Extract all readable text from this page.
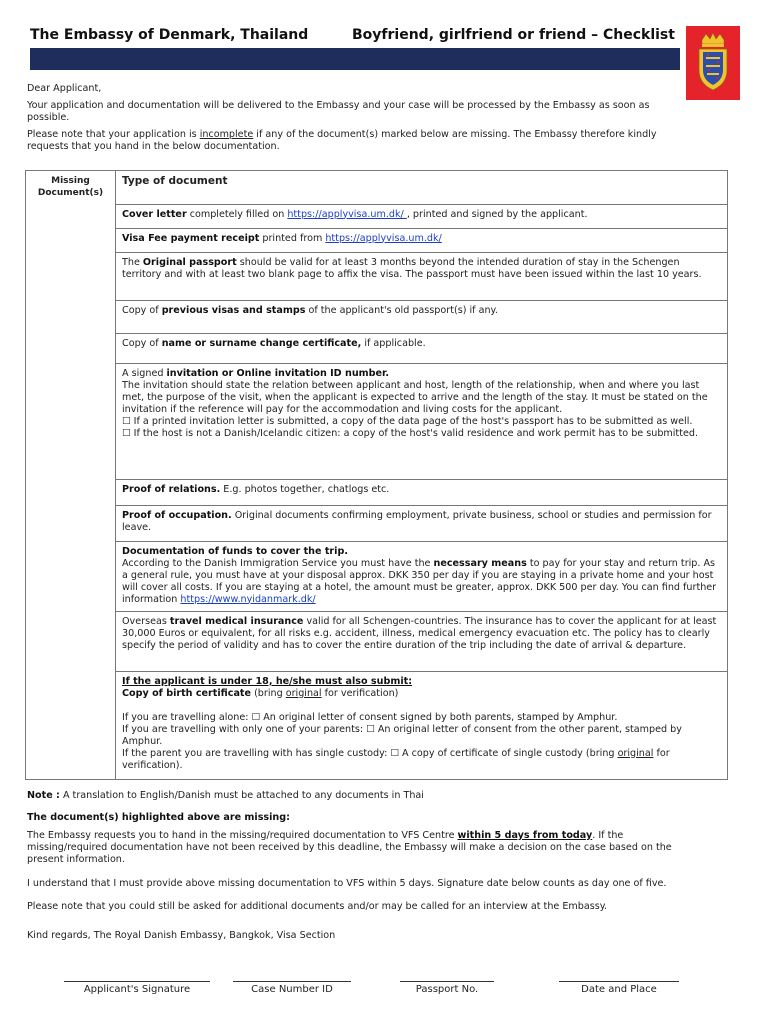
The Embassy of Denmark, Thailand	Boyfriend, girlfriend or friend – Checklist
Dear Applicant,
Your application and documentation will be delivered to the Embassy and your case will be processed by the Embassy as soon as possible.
Please note that your application is incomplete if any of the document(s) marked below are missing. The Embassy therefore kindly requests that you hand in the below documentation.
Missing Document(s)	Type of document
	Cover letter completely filled on https://applyvisa.um.dk/ , printed and signed by the applicant.
	Visa Fee payment receipt printed from https://applyvisa.um.dk/
	The Original passport should be valid for at least 3 months beyond the intended duration of stay in the Schengen territory and with at least two blank page to affix the visa. The passport must have been issued within the last 10 years.
	Copy of previous visas and stamps of the applicant's old passport(s) if any.
	Copy of name or surname change certificate, if applicable.
	A signed invitation or Online invitation ID number.
The invitation should state the relation between applicant and host, length of the relationship, when and where you last met, the purpose of the visit, when the applicant is expected to arrive and the length of the stay. It must be stated on the invitation if the reference will pay for the accommodation and living costs for the applicant.
☐ If a printed invitation letter is submitted, a copy of the data page of the host's passport has to be submitted as well.
☐ If the host is not a Danish/Icelandic citizen: a copy of the host's valid residence and work permit has to be submitted.

	Proof of relations. E.g. photos together, chatlogs etc.
	Proof of occupation. Original documents confirming employment, private business, school or studies and permission for leave.
	Documentation of funds to cover the trip.
According to the Danish Immigration Service you must have the necessary means to pay for your stay and return trip. As a general rule, you must have at your disposal approx. DKK 350 per day if you are staying in a private home and your host will cover all costs. If you are staying at a hotel, the amount must be greater, approx. DKK 500 per day. You can find further information https://www.nyidanmark.dk/

	Overseas travel medical insurance valid for all Schengen-countries. The insurance has to cover the applicant for at least 30,000 Euros or equivalent, for all risks e.g. accident, illness, medical emergency evacuation etc. The policy has to clearly specify the period of validity and has to cover the entire duration of the trip including the date of arrival & departure.

	If the applicant is under 18, he/she must also submit:
Copy of birth certificate (bring original for verification)
If you are travelling alone: ☐ An original letter of consent signed by both parents, stamped by Amphur.
If you are travelling with only one of your parents: ☐ An original letter of consent from the other parent, stamped by Amphur.
If the parent you are travelling with has single custody: ☐ A copy of certificate of single custody (bring original for verification).
Note : A translation to English/Danish must be attached to any documents in Thai
The document(s) highlighted above are missing:
The Embassy requests you to hand in the missing/required documentation to VFS Centre within 5 days from today. If the missing/required documentation have not been received by this deadline, the Embassy will make a decision on the case based on the present information.
I understand that I must provide above missing documentation to VFS within 5 days. Signature date below counts as day one of five.
Please note that you could still be asked for additional documents and/or may be called for an interview at the Embassy.
Kind regards, The Royal Danish Embassy, Bangkok, Visa Section
Applicant's Signature	Case Number ID	Passport No.	Date and Place
